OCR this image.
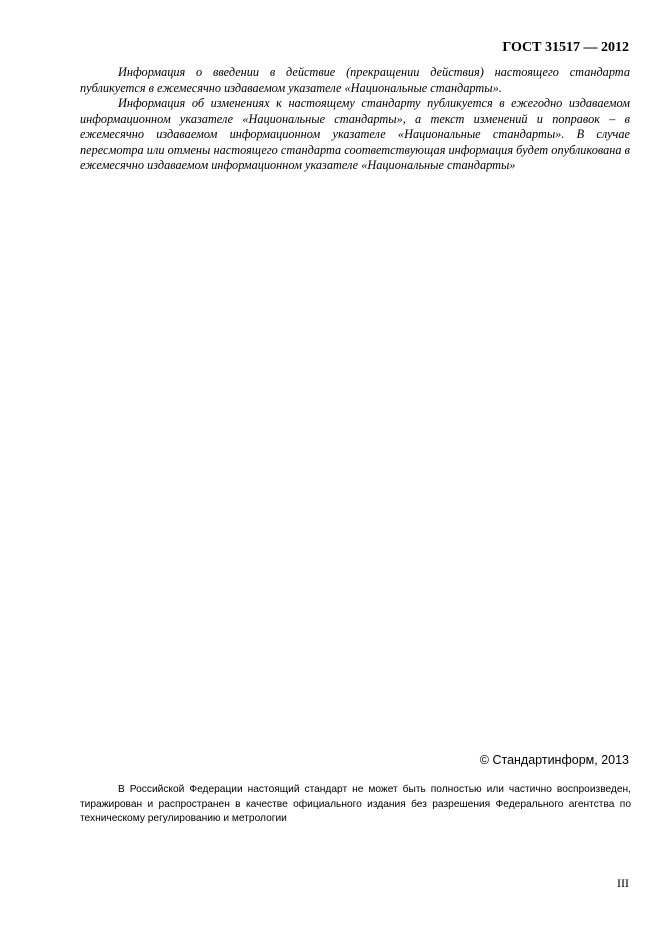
ГОСТ 31517 — 2012

Информация о введении в действие (прекращении действия) настоящего стандарта публикуется в ежемесячно издаваемом указателе «Национальные стандарты».

Информация об изменениях к настоящему стандарту публикуется в ежегодно издаваемом информационном указателе «Национальные стандарты», а текст изменений и поправок – в ежемесячно издаваемом информационном указателе «Национальные стандарты». В случае пересмотра или отмены настоящего стандарта соответствующая информация будет опубликована в ежемесячно издаваемом информационном указателе «Национальные стандарты»

© Стандартинформ, 2013

В Российской Федерации настоящий стандарт не может быть полностью или частично воспроизведен, тиражирован и распространен в качестве официального издания без разрешения Федерального агентства по техническому регулированию и метрологии

III
